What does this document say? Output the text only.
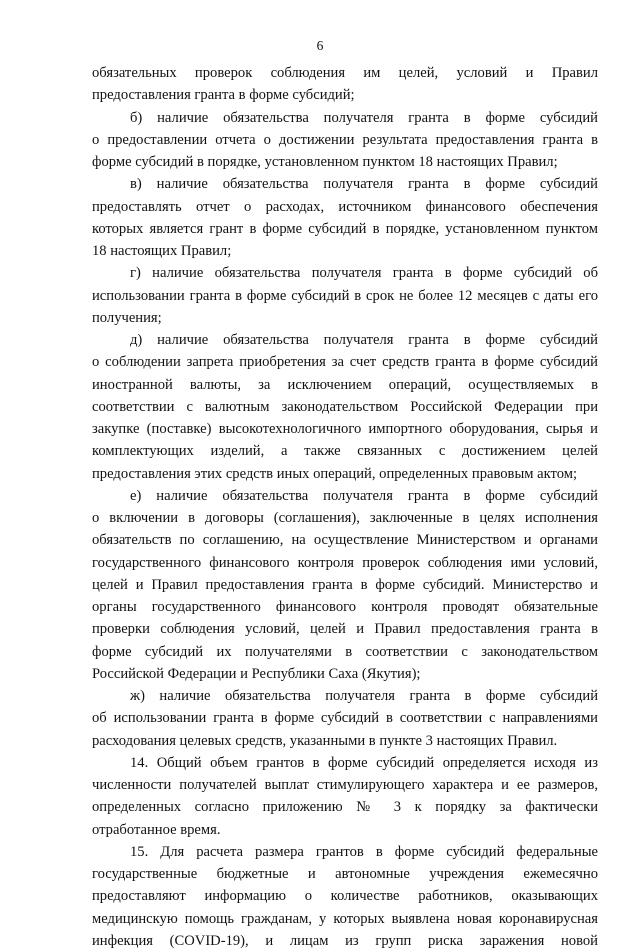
6
обязательных проверок соблюдения им целей, условий и Правил
предоставления гранта в форме субсидий;
б) наличие обязательства получателя гранта в форме субсидий
о предоставлении отчета о достижении результата предоставления гранта в
форме субсидий в порядке, установленном пунктом 18 настоящих Правил;
в) наличие обязательства получателя гранта в форме субсидий
предоставлять отчет о расходах, источником финансового обеспечения
которых является грант в форме субсидий в порядке, установленном пунктом
18 настоящих Правил;
г) наличие обязательства получателя гранта в форме субсидий об
использовании гранта в форме субсидий в срок не более 12 месяцев с даты его
получения;
д) наличие обязательства получателя гранта в форме субсидий
о соблюдении запрета приобретения за счет средств гранта в форме субсидий
иностранной валюты, за исключением операций, осуществляемых в
соответствии с валютным законодательством Российской Федерации при
закупке (поставке) высокотехнологичного импортного оборудования, сырья и
комплектующих изделий, а также связанных с достижением целей
предоставления этих средств иных операций, определенных правовым актом;
е) наличие обязательства получателя гранта в форме субсидий
о включении в договоры (соглашения), заключенные в целях исполнения
обязательств по соглашению, на осуществление Министерством и органами
государственного финансового контроля проверок соблюдения ими условий,
целей и Правил предоставления гранта в форме субсидий. Министерство и
органы государственного финансового контроля проводят обязательные
проверки соблюдения условий, целей и Правил предоставления гранта в
форме субсидий их получателями в соответствии с законодательством
Российской Федерации и Республики Саха (Якутия);
ж) наличие обязательства получателя гранта в форме субсидий
об использовании гранта в форме субсидий в соответствии с направлениями
расходования целевых средств, указанными в пункте 3 настоящих Правил.
14. Общий объем грантов в форме субсидий определяется исходя из
численности получателей выплат стимулирующего характера и ее размеров,
определенных согласно приложению № 3 к порядку за фактически
отработанное время.
15. Для расчета размера грантов в форме субсидий федеральные
государственные бюджетные и автономные учреждения ежемесячно
предоставляют информацию о количестве работников, оказывающих
медицинскую помощь гражданам, у которых выявлена новая коронавирусная
инфекция (COVID-19), и лицам из групп риска заражения новой
